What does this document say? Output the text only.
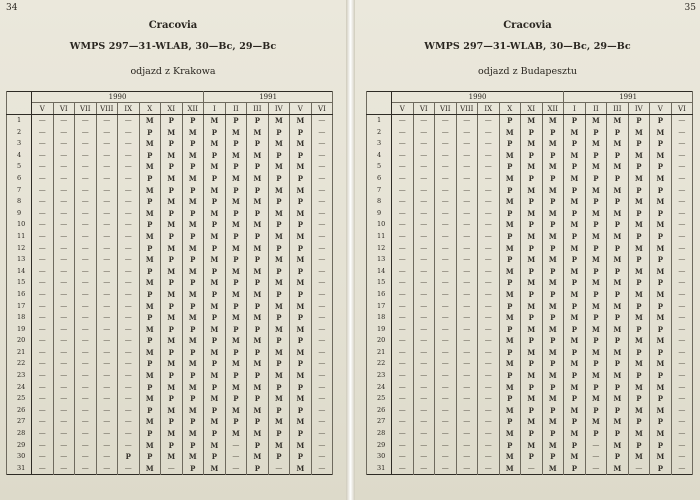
34
Cracovia
WMPS 297—31-WLAB, 30—Bc, 29—Bc
odjazd z Krakowa
	1990								1991					
	V	VI	VII	VIII	IX	X	XI	XII	I	II	III	IV	V	VI
1	—	—	—	—	—	M	P	P	M	P	P	M	M	—
2	—	—	—	—	—	P	M	M	P	M	M	P	P	—
3	—	—	—	—	—	M	P	P	M	P	P	M	M	—
4	—	—	—	—	—	P	M	M	P	M	M	P	P	—
5	—	—	—	—	—	M	P	P	M	P	P	M	M	—
6	—	—	—	—	—	P	M	M	P	M	M	P	P	—
7	—	—	—	—	—	M	P	P	M	P	P	M	M	—
8	—	—	—	—	—	P	M	M	P	M	M	P	P	—
9	—	—	—	—	—	M	P	P	M	P	P	M	M	—
10	—	—	—	—	—	P	M	M	P	M	M	P	P	—
11	—	—	—	—	—	M	P	P	M	P	P	M	M	—
12	—	—	—	—	—	P	M	M	P	M	M	P	P	—
13	—	—	—	—	—	M	P	P	M	P	P	M	M	—
14	—	—	—	—	—	P	M	M	P	M	M	P	P	—
15	—	—	—	—	—	M	P	P	M	P	P	M	M	—
16	—	—	—	—	—	P	M	M	P	M	M	P	P	—
17	—	—	—	—	—	M	P	P	M	P	P	M	M	—
18	—	—	—	—	—	P	M	M	P	M	M	P	P	—
19	—	—	—	—	—	M	P	P	M	P	P	M	M	—
20	—	—	—	—	—	P	M	M	P	M	M	P	P	—
21	—	—	—	—	—	M	P	P	M	P	P	M	M	—
22	—	—	—	—	—	P	M	M	P	M	M	P	P	—
23	—	—	—	—	—	M	P	P	M	P	P	M	M	—
24	—	—	—	—	—	P	M	M	P	M	M	P	P	—
25	—	—	—	—	—	M	P	P	M	P	P	M	M	—
26	—	—	—	—	—	P	M	M	P	M	M	P	P	—
27	—	—	—	—	—	M	P	P	M	P	P	M	M	—
28	—	—	—	—	—	P	M	M	P	M	M	P	P	—
29	—	—	—	—	—	M	P	P	M	—	P	M	M	—
30	—	—	—	—	P	P	M	M	P	—	M	P	P	—
31	—	—	—	—	—	M	—	P	M	—	P	—	M	—
35
Cracovia
WMPS 297—31-WLAB, 30—Bc, 29—Bc
odjazd z Budapesztu
	1990								1991					
	V	VI	VII	VIII	IX	X	XI	XII	I	II	III	IV	V	VI
1	—	—	—	—	—	P	M	M	P	M	M	P	P	—
2	—	—	—	—	—	M	P	P	M	P	P	M	M	—
3	—	—	—	—	—	P	M	M	P	M	M	P	P	—
4	—	—	—	—	—	M	P	P	M	P	P	M	M	—
5	—	—	—	—	—	P	M	M	P	M	M	P	P	—
6	—	—	—	—	—	M	P	P	M	P	P	M	M	—
7	—	—	—	—	—	P	M	M	P	M	M	P	P	—
8	—	—	—	—	—	M	P	P	M	P	P	M	M	—
9	—	—	—	—	—	P	M	M	P	M	M	P	P	—
10	—	—	—	—	—	M	P	P	M	P	P	M	M	—
11	—	—	—	—	—	P	M	M	P	M	M	P	P	—
12	—	—	—	—	—	M	P	P	M	P	P	M	M	—
13	—	—	—	—	—	P	M	M	P	M	M	P	P	—
14	—	—	—	—	—	M	P	P	M	P	P	M	M	—
15	—	—	—	—	—	P	M	M	P	M	M	P	P	—
16	—	—	—	—	—	M	P	P	M	P	P	M	M	—
17	—	—	—	—	—	P	M	M	P	M	M	P	P	—
18	—	—	—	—	—	M	P	P	M	P	P	M	M	—
19	—	—	—	—	—	P	M	M	P	M	M	P	P	—
20	—	—	—	—	—	M	P	P	M	P	P	M	M	—
21	—	—	—	—	—	P	M	M	P	M	M	P	P	—
22	—	—	—	—	—	M	P	P	M	P	P	M	M	—
23	—	—	—	—	—	P	M	M	P	M	M	P	P	—
24	—	—	—	—	—	M	P	P	M	P	P	M	M	—
25	—	—	—	—	—	P	M	M	P	M	M	P	P	—
26	—	—	—	—	—	M	P	P	M	P	P	M	M	—
27	—	—	—	—	—	P	M	M	P	M	M	P	P	—
28	—	—	—	—	—	M	P	P	M	P	P	M	M	—
29	—	—	—	—	—	P	M	M	P	—	M	P	P	—
30	—	—	—	—	—	M	P	P	M	—	P	M	M	—
31	—	—	—	—	—	M	—	M	P	—	M	—	P	—
